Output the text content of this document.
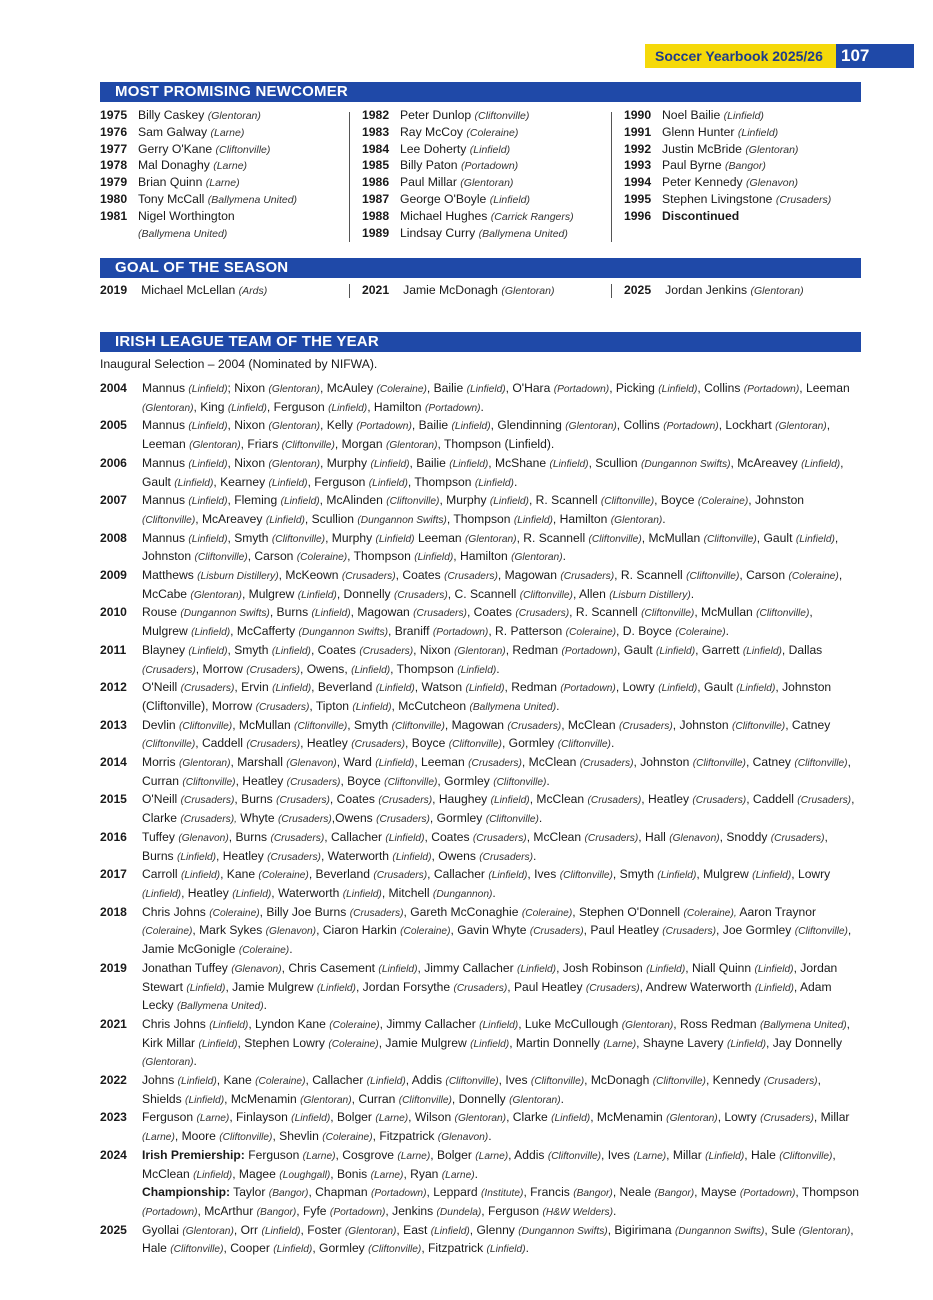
Soccer Yearbook 2025/26	107
MOST PROMISING NEWCOMER
1975 Billy Caskey (Glentoran)
1976 Sam Galway (Larne)
1977 Gerry O'Kane (Cliftonville)
1978 Mal Donaghy (Larne)
1979 Brian Quinn (Larne)
1980 Tony McCall (Ballymena United)
1981 Nigel Worthington
(Ballymena United)
1982 Peter Dunlop (Cliftonville)
1983 Ray McCoy (Coleraine)
1984 Lee Doherty (Linfield)
1985 Billy Paton (Portadown)
1986 Paul Millar (Glentoran)
1987 George O'Boyle (Linfield)
1988 Michael Hughes (Carrick Rangers)
1989 Lindsay Curry (Ballymena United)
1990 Noel Bailie (Linfield)
1991 Glenn Hunter (Linfield)
1992 Justin McBride (Glentoran)
1993 Paul Byrne (Bangor)
1994 Peter Kennedy (Glenavon)
1995 Stephen Livingstone (Crusaders)
1996 Discontinued
GOAL OF THE SEASON
2019 Michael McLellan (Ards)	2021 Jamie McDonagh (Glentoran)	2025 Jordan Jenkins (Glentoran)
IRISH LEAGUE TEAM OF THE YEAR
Inaugural Selection – 2004 (Nominated by NIFWA).
2004	Mannus (Linfield); Nixon (Glentoran), McAuley (Coleraine), Bailie (Linfield), O'Hara (Portadown), Picking (Linfield), Collins (Portadown), Leeman (Glentoran), King (Linfield), Ferguson (Linfield), Hamilton (Portadown).
2005	Mannus (Linfield), Nixon (Glentoran), Kelly (Portadown), Bailie (Linfield), Glendinning (Glentoran), Collins (Portadown), Lockhart (Glentoran), Leeman (Glentoran), Friars (Cliftonville), Morgan (Glentoran), Thompson (Linfield).
2006	Mannus (Linfield), Nixon (Glentoran), Murphy (Linfield), Bailie (Linfield), McShane (Linfield), Scullion (Dungannon Swifts), McAreavey (Linfield), Gault (Linfield), Kearney (Linfield), Ferguson (Linfield), Thompson (Linfield).
2007	Mannus (Linfield), Fleming (Linfield), McAlinden (Cliftonville), Murphy (Linfield), R. Scannell (Cliftonville), Boyce (Coleraine), Johnston (Cliftonville), McAreavey (Linfield), Scullion (Dungannon Swifts), Thompson (Linfield), Hamilton (Glentoran).
2008	Mannus (Linfield), Smyth (Cliftonville), Murphy (Linfield) Leeman (Glentoran), R. Scannell (Cliftonville), McMullan (Cliftonville), Gault (Linfield), Johnston (Cliftonville), Carson (Coleraine), Thompson (Linfield), Hamilton (Glentoran).
2009	Matthews (Lisburn Distillery), McKeown (Crusaders), Coates (Crusaders), Magowan (Crusaders), R. Scannell (Cliftonville), Carson (Coleraine), McCabe (Glentoran), Mulgrew (Linfield), Donnelly (Crusaders), C. Scannell (Cliftonville), Allen (Lisburn Distillery).
2010	Rouse (Dungannon Swifts), Burns (Linfield), Magowan (Crusaders), Coates (Crusaders), R. Scannell (Cliftonville), McMullan (Cliftonville), Mulgrew (Linfield), McCafferty (Dungannon Swifts), Braniff (Portadown), R. Patterson (Coleraine), D. Boyce (Coleraine).
2011	Blayney (Linfield), Smyth (Linfield), Coates (Crusaders), Nixon (Glentoran), Redman (Portadown), Gault (Linfield), Garrett (Linfield), Dallas (Crusaders), Morrow (Crusaders), Owens, (Linfield), Thompson (Linfield).
2012	O'Neill (Crusaders), Ervin (Linfield), Beverland (Linfield), Watson (Linfield), Redman (Portadown), Lowry (Linfield), Gault (Linfield), Johnston (Cliftonville), Morrow (Crusaders), Tipton (Linfield), McCutcheon (Ballymena United).
2013	Devlin (Cliftonville), McMullan (Cliftonville), Smyth (Cliftonville), Magowan (Crusaders), McClean (Crusaders), Johnston (Cliftonville), Catney (Cliftonville), Caddell (Crusaders), Heatley (Crusaders), Boyce (Cliftonville), Gormley (Cliftonville).
2014	Morris (Glentoran), Marshall (Glenavon), Ward (Linfield), Leeman (Crusaders), McClean (Crusaders), Johnston (Cliftonville), Catney (Cliftonville), Curran (Cliftonville), Heatley (Crusaders), Boyce (Cliftonville), Gormley (Cliftonville).
2015	O'Neill (Crusaders), Burns (Crusaders), Coates (Crusaders), Haughey (Linfield), McClean (Crusaders), Heatley (Crusaders), Caddell (Crusaders), Clarke (Crusaders), Whyte (Crusaders),Owens (Crusaders), Gormley (Cliftonville).
2016	Tuffey (Glenavon), Burns (Crusaders), Callacher (Linfield), Coates (Crusaders), McClean (Crusaders), Hall (Glenavon), Snoddy (Crusaders), Burns (Linfield), Heatley (Crusaders), Waterworth (Linfield), Owens (Crusaders).
2017	Carroll (Linfield), Kane (Coleraine), Beverland (Crusaders), Callacher (Linfield), Ives (Cliftonville), Smyth (Linfield), Mulgrew (Linfield), Lowry (Linfield), Heatley (Linfield), Waterworth (Linfield), Mitchell (Dungannon).
2018	Chris Johns (Coleraine), Billy Joe Burns (Crusaders), Gareth McConaghie (Coleraine), Stephen O'Donnell (Coleraine), Aaron Traynor (Coleraine), Mark Sykes (Glenavon), Ciaron Harkin (Coleraine), Gavin Whyte (Crusaders), Paul Heatley (Crusaders), Joe Gormley (Cliftonville), Jamie McGonigle (Coleraine).
2019	Jonathan Tuffey (Glenavon), Chris Casement (Linfield), Jimmy Callacher (Linfield), Josh Robinson (Linfield), Niall Quinn (Linfield), Jordan Stewart (Linfield), Jamie Mulgrew (Linfield), Jordan Forsythe (Crusaders), Paul Heatley (Crusaders), Andrew Waterworth (Linfield), Adam Lecky (Ballymena United).
2021	Chris Johns (Linfield), Lyndon Kane (Coleraine), Jimmy Callacher (Linfield), Luke McCullough (Glentoran), Ross Redman (Ballymena United), Kirk Millar (Linfield), Stephen Lowry (Coleraine), Jamie Mulgrew (Linfield), Martin Donnelly (Larne), Shayne Lavery (Linfield), Jay Donnelly (Glentoran).
2022	Johns (Linfield), Kane (Coleraine), Callacher (Linfield), Addis (Cliftonville), Ives (Cliftonville), McDonagh (Cliftonville), Kennedy (Crusaders), Shields (Linfield), McMenamin (Glentoran), Curran (Cliftonville), Donnelly (Glentoran).
2023	Ferguson (Larne), Finlayson (Linfield), Bolger (Larne), Wilson (Glentoran), Clarke (Linfield), McMenamin (Glentoran), Lowry (Crusaders), Millar (Larne), Moore (Cliftonville), Shevlin (Coleraine), Fitzpatrick (Glenavon).
2024	Irish Premiership: Ferguson (Larne), Cosgrove (Larne), Bolger (Larne), Addis (Cliftonville), Ives (Larne), Millar (Linfield), Hale (Cliftonville), McClean (Linfield), Magee (Loughgall), Bonis (Larne), Ryan (Larne).
Championship: Taylor (Bangor), Chapman (Portadown), Leppard (Institute), Francis (Bangor), Neale (Bangor), Mayse (Portadown), Thompson (Portadown), McArthur (Bangor), Fyfe (Portadown), Jenkins (Dundela), Ferguson (H&W Welders).
2025	Gyollai (Glentoran), Orr (Linfield), Foster (Glentoran), East (Linfield), Glenny (Dungannon Swifts), Bigirimana (Dungannon Swifts), Sule (Glentoran), Hale (Cliftonville), Cooper (Linfield), Gormley (Cliftonville), Fitzpatrick (Linfield).
